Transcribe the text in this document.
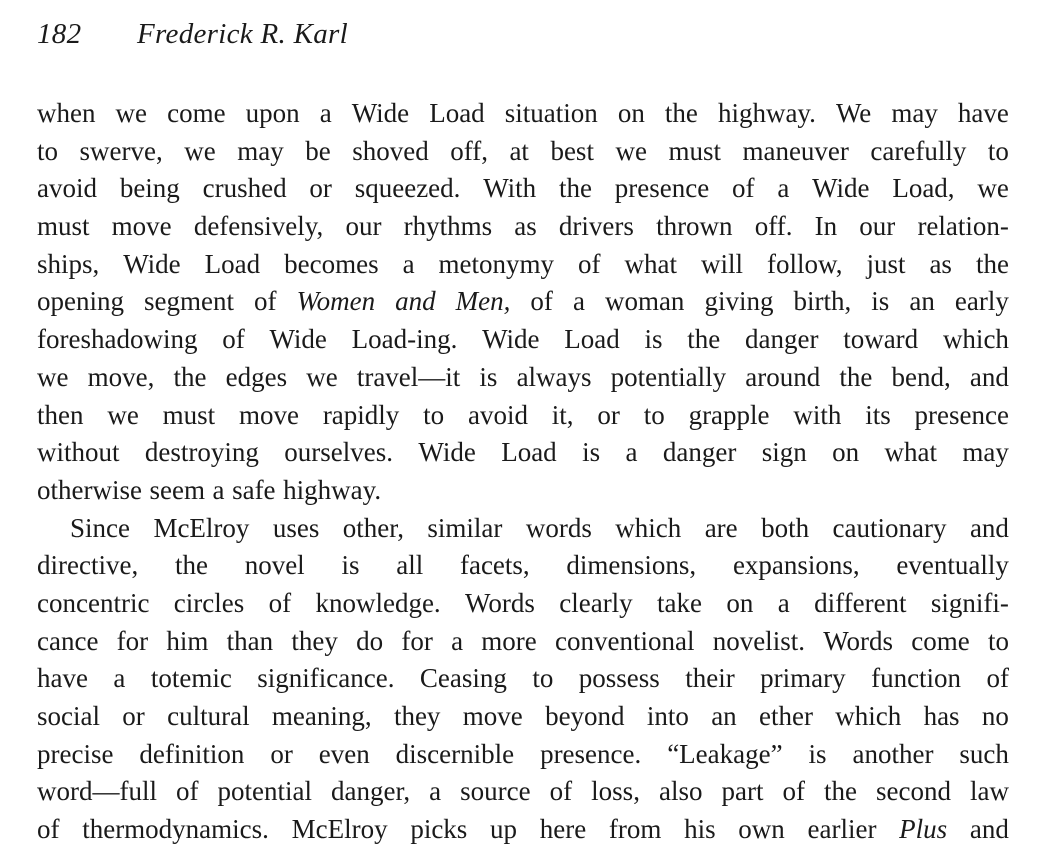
182 Frederick R. Karl
when we come upon a Wide Load situation on the highway. We may have
to swerve, we may be shoved off, at best we must maneuver carefully to
avoid being crushed or squeezed. With the presence of a Wide Load, we
must move defensively, our rhythms as drivers thrown off. In our relation-
ships, Wide Load becomes a metonymy of what will follow, just as the
opening segment of Women and Men, of a woman giving birth, is an early
foreshadowing of Wide Load-ing. Wide Load is the danger toward which
we move, the edges we travel—it is always potentially around the bend, and
then we must move rapidly to avoid it, or to grapple with its presence
without destroying ourselves. Wide Load is a danger sign on what may
otherwise seem a safe highway.
Since McElroy uses other, similar words which are both cautionary and
directive, the novel is all facets, dimensions, expansions, eventually
concentric circles of knowledge. Words clearly take on a different signifi-
cance for him than they do for a more conventional novelist. Words come to
have a totemic significance. Ceasing to possess their primary function of
social or cultural meaning, they move beyond into an ether which has no
precise definition or even discernible presence. “Leakage” is another such
word—full of potential danger, a source of loss, also part of the second law
of thermodynamics. McElroy picks up here from his own earlier Plus and
